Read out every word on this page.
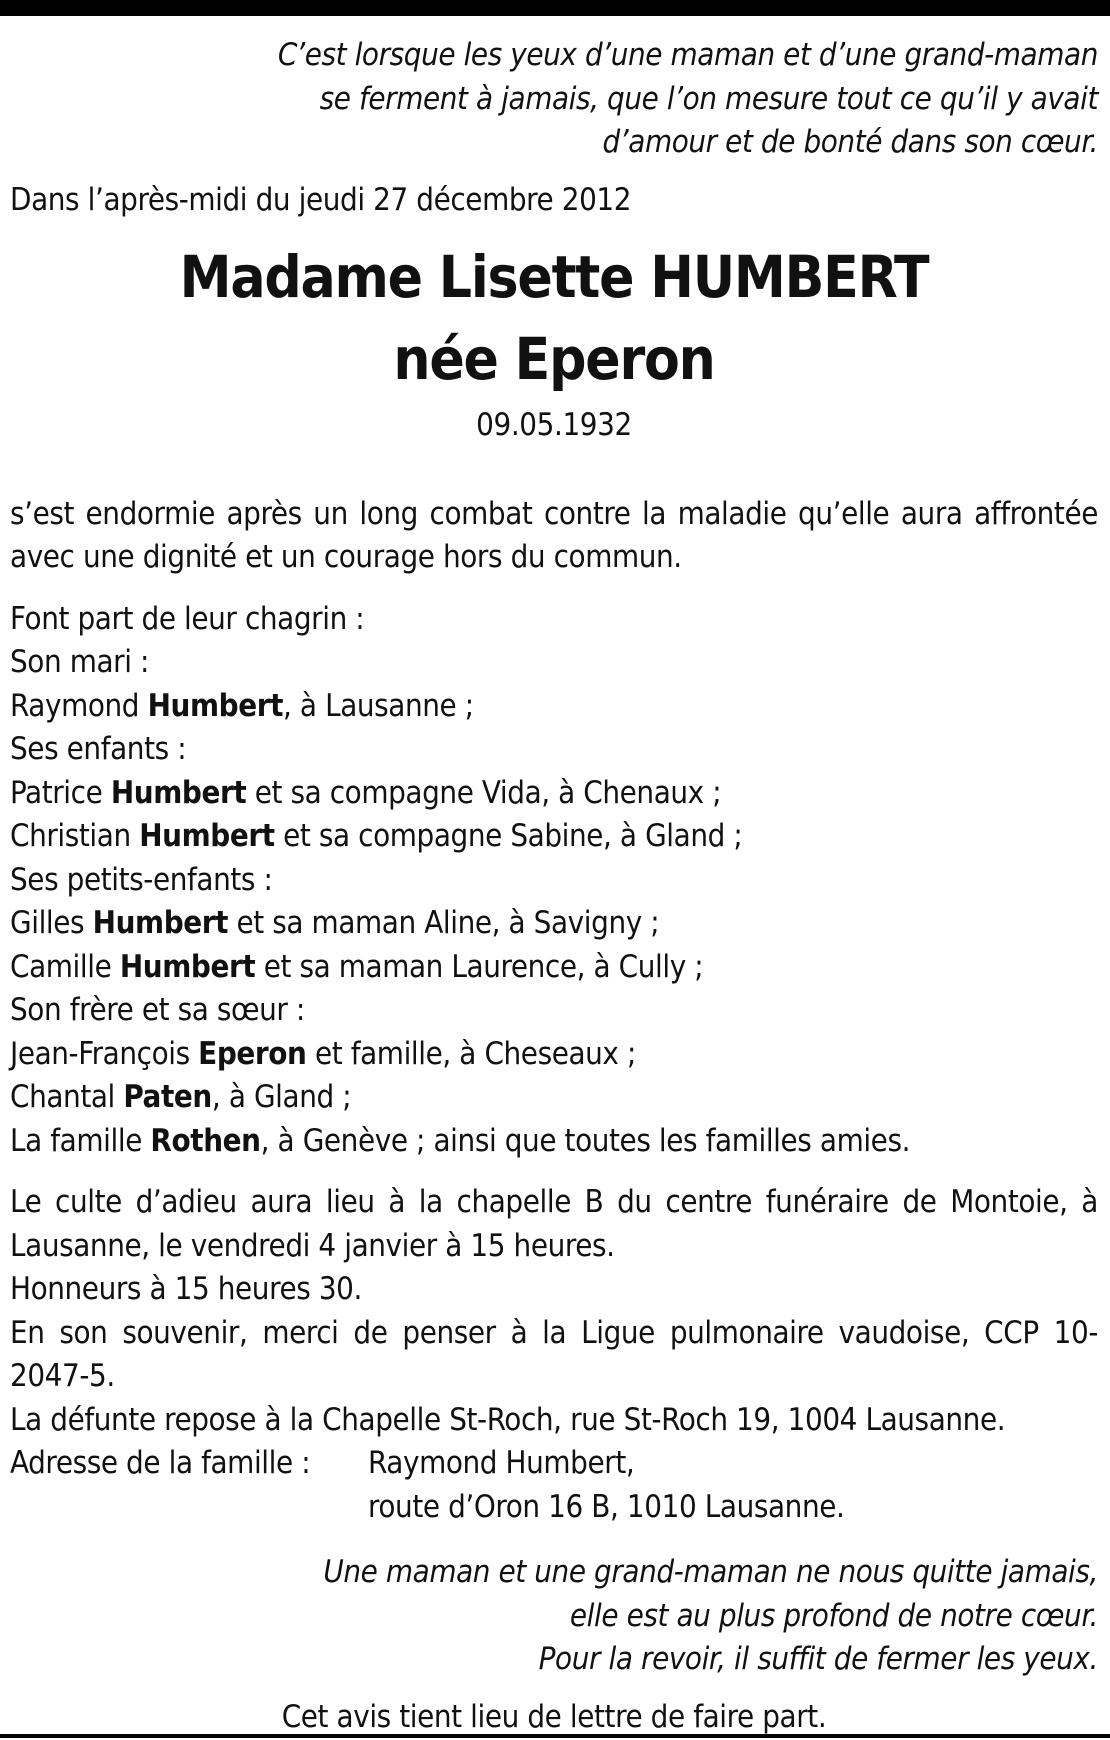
C’est lorsque les yeux d’une maman et d’une grand-maman

se ferment à jamais, que l’on mesure tout ce qu’il y avait

d’amour et de bonté dans son cœur.

Dans l’après-midi du jeudi 27 décembre 2012

Madame Lisette HUMBERT
née Eperon

09.05.1932

s’est endormie après un long combat contre la maladie qu’elle aura affrontée avec une dignité et un courage hors du commun.

Font part de leur chagrin :

Son mari :

Raymond Humbert, à Lausanne ;

Ses enfants :

Patrice Humbert et sa compagne Vida, à Chenaux ;

Christian Humbert et sa compagne Sabine, à Gland ;

Ses petits-enfants :

Gilles Humbert et sa maman Aline, à Savigny ;

Camille Humbert et sa maman Laurence, à Cully ;

Son frère et sa sœur :

Jean-François Eperon et famille, à Cheseaux ;

Chantal Paten, à Gland ;

La famille Rothen, à Genève ; ainsi que toutes les familles amies.

Le culte d’adieu aura lieu à la chapelle B du centre funéraire de Montoie, à Lausanne, le vendredi 4 janvier à 15 heures.

Honneurs à 15 heures 30.

En son souvenir, merci de penser à la Ligue pulmonaire vaudoise, CCP 10-2047-5.

La défunte repose à la Chapelle St-Roch, rue St-Roch 19, 1004 Lausanne.

Adresse de la famille :	Raymond Humbert,
route d’Oron 16 B, 1010 Lausanne.

Une maman et une grand-maman ne nous quitte jamais,

elle est au plus profond de notre cœur.

Pour la revoir, il suffit de fermer les yeux.

Cet avis tient lieu de lettre de faire part.
